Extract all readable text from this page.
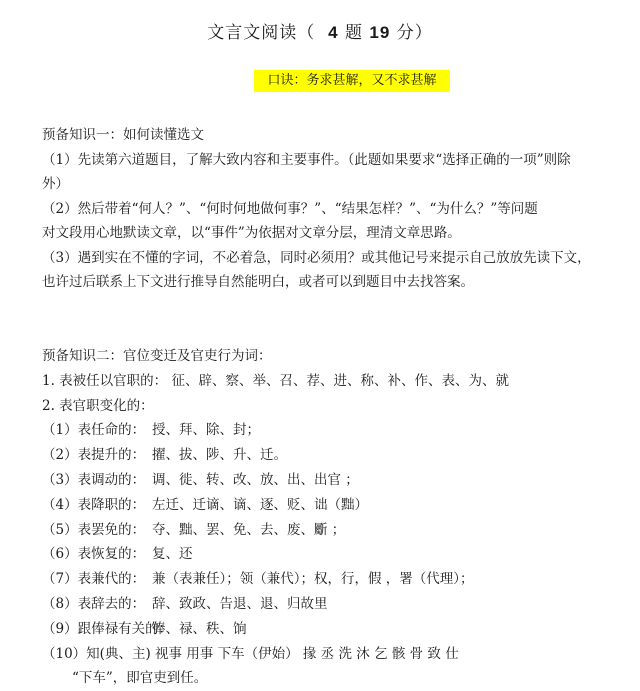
文言文阅读（ 4 题 19 分）
口诀：务求甚解，又不求甚解
预备知识一：如何读懂选文
（1）先读第六道题目，了解大致内容和主要事件。（此题如果要求“选择正确的一项”则除
外）
（2）然后带着“何人？”、“何时何地做何事？”、“结果怎样？”、“为什么？”等问题
对文段用心地默读文章，以“事件”为依据对文章分层，理清文章思路。
（3）遇到实在不懂的字词，不必着急，同时必须用？或其他记号来提示自己放放先读下文，
也许过后联系上下文进行推导自然能明白，或者可以到题目中去找答案。
预备知识二：官位变迁及官吏行为词：
1. 表被任以官职的： 征、辟、察、举、召、荐、进、称、补、作、表、为、就
2. 表官职变化的：
（1）表任命的： 授、拜、除、封；
（2）表提升的： 擢、拔、陟、升、迁。
（3）表调动的： 调、徙、转、改、放、出、出官 ；
（4）表降职的： 左迁、迁谪、谪、逐、贬、诎（黜）
（5）表罢免的： 夺、黜、罢、免、去、废、斸 ；
（6）表恢复的： 复、还
（7）表兼代的： 兼（表兼任）；领（兼代）；权，行，假 ，署（代理）；
（8）表辞去的： 辞、致政、告退、退、归故里
（9）跟俸禄有关的：俸、禄、秩、饷
（10）知(典、主) 视事 用事 下车（伊始） 掾 丞 洗 沐 乞 骸 骨 致 仕
“下车”，即官吏到任。
